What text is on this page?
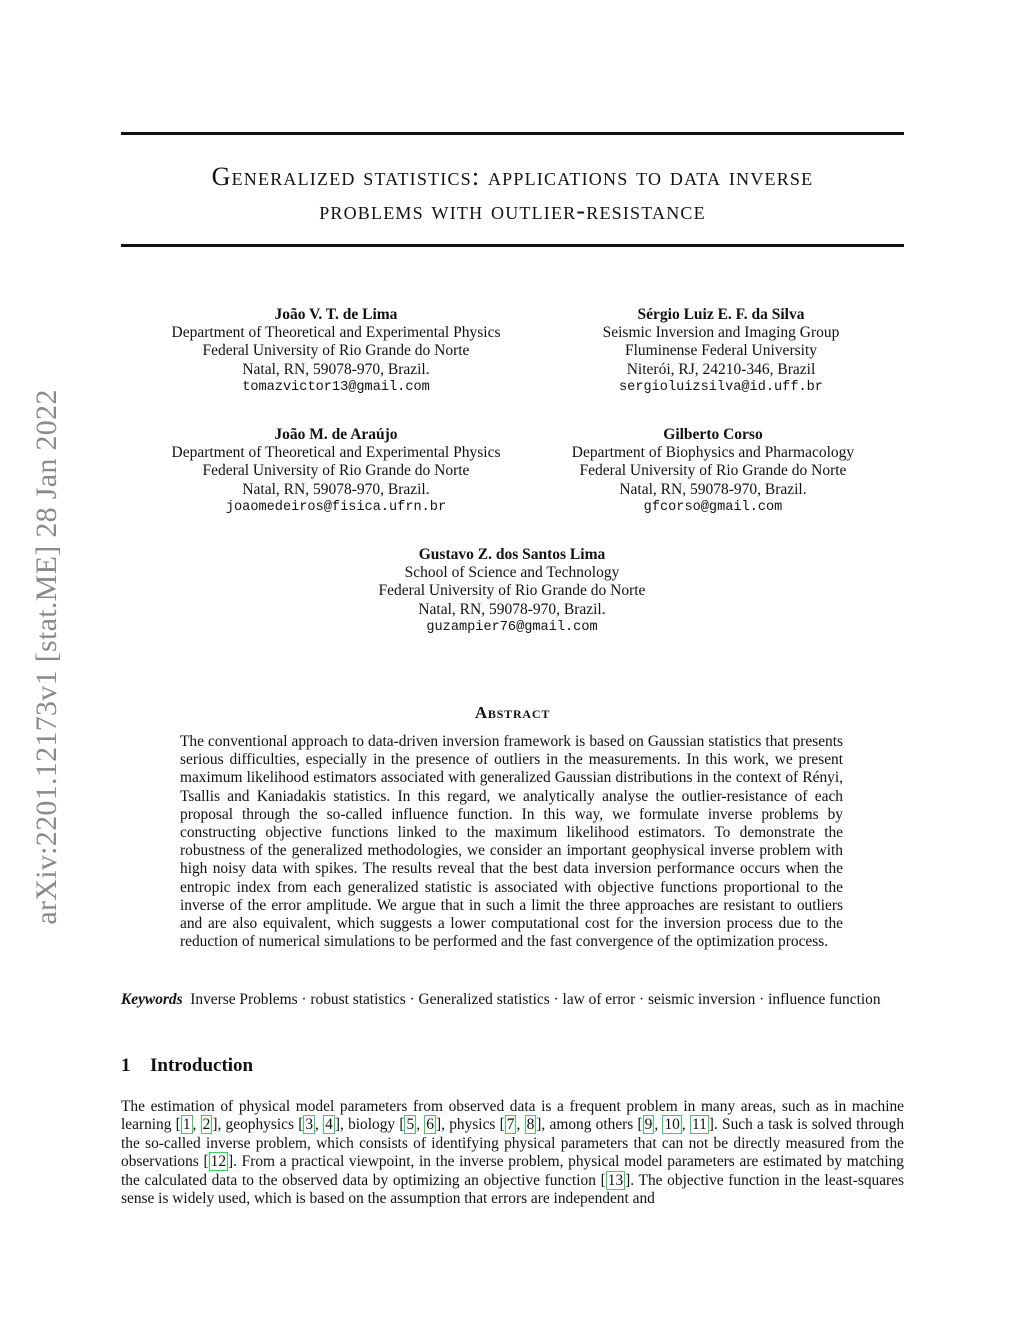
arXiv:2201.12173v1 [stat.ME] 28 Jan 2022
Generalized statistics: applications to data inverse
problems with outlier-resistance
João V. T. de Lima
Department of Theoretical and Experimental Physics
Federal University of Rio Grande do Norte
Natal, RN, 59078-970, Brazil.
tomazvictor13@gmail.com
Sérgio Luiz E. F. da Silva
Seismic Inversion and Imaging Group
Fluminense Federal University
Niterói, RJ, 24210-346, Brazil
sergioluizsilva@id.uff.br
João M. de Araújo
Department of Theoretical and Experimental Physics
Federal University of Rio Grande do Norte
Natal, RN, 59078-970, Brazil.
joaomedeiros@fisica.ufrn.br
Gilberto Corso
Department of Biophysics and Pharmacology
Federal University of Rio Grande do Norte
Natal, RN, 59078-970, Brazil.
gfcorso@gmail.com
Gustavo Z. dos Santos Lima
School of Science and Technology
Federal University of Rio Grande do Norte
Natal, RN, 59078-970, Brazil.
guzampier76@gmail.com
Abstract
The conventional approach to data-driven inversion framework is based on Gaussian statistics that presents serious difficulties, especially in the presence of outliers in the measurements. In this work, we present maximum likelihood estimators associated with generalized Gaussian distributions in the context of Rényi, Tsallis and Kaniadakis statistics. In this regard, we analytically analyse the outlier-resistance of each proposal through the so-called influence function. In this way, we formulate inverse problems by constructing objective functions linked to the maximum likelihood estimators. To demonstrate the robustness of the generalized methodologies, we consider an important geophysical inverse problem with high noisy data with spikes. The results reveal that the best data inversion performance occurs when the entropic index from each generalized statistic is associated with objective functions proportional to the inverse of the error amplitude. We argue that in such a limit the three approaches are resistant to outliers and are also equivalent, which suggests a lower computational cost for the inversion process due to the reduction of numerical simulations to be performed and the fast convergence of the optimization process.
Keywords Inverse Problems · robust statistics · Generalized statistics · law of error · seismic inversion · influence function
1 Introduction
The estimation of physical model parameters from observed data is a frequent problem in many areas, such as in machine learning [ 1 , 2 ], geophysics [ 3 , 4 ], biology [ 5 , 6 ], physics [ 7 , 8 ], among others [ 9 , 10 , 11 ]. Such a task is solved through the so-called inverse problem, which consists of identifying physical parameters that can not be directly measured from the observations [ 12 ]. From a practical viewpoint, in the inverse problem, physical model parameters are estimated by matching the calculated data to the observed data by optimizing an objective function [ 13 ]. The objective function in the least-squares sense is widely used, which is based on the assumption that errors are independent and
